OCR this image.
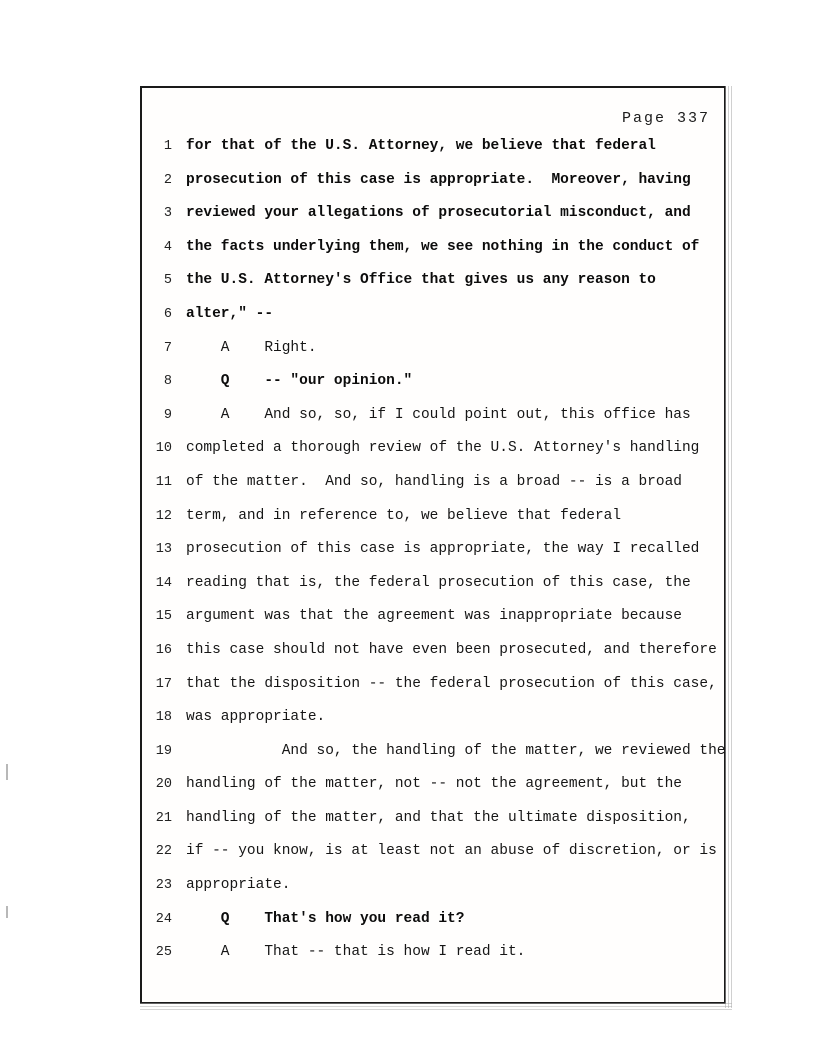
Page 337
1 for that of the U.S. Attorney, we believe that federal
2 prosecution of this case is appropriate.  Moreover, having
3 reviewed your allegations of prosecutorial misconduct, and
4 the facts underlying them, we see nothing in the conduct of
5 the U.S. Attorney's Office that gives us any reason to
6 alter," --
7 A    Right.
8 Q    -- "our opinion."
9 A    And so, so, if I could point out, this office has
10 completed a thorough review of the U.S. Attorney's handling
11 of the matter.  And so, handling is a broad -- is a broad
12 term, and in reference to, we believe that federal
13 prosecution of this case is appropriate, the way I recalled
14 reading that is, the federal prosecution of this case, the
15 argument was that the agreement was inappropriate because
16 this case should not have even been prosecuted, and therefore
17 that the disposition -- the federal prosecution of this case,
18 was appropriate.
19 And so, the handling of the matter, we reviewed the
20 handling of the matter, not -- not the agreement, but the
21 handling of the matter, and that the ultimate disposition,
22 if -- you know, is at least not an abuse of discretion, or is
23 appropriate.
24 Q    That's how you read it?
25 A    That -- that is how I read it.
